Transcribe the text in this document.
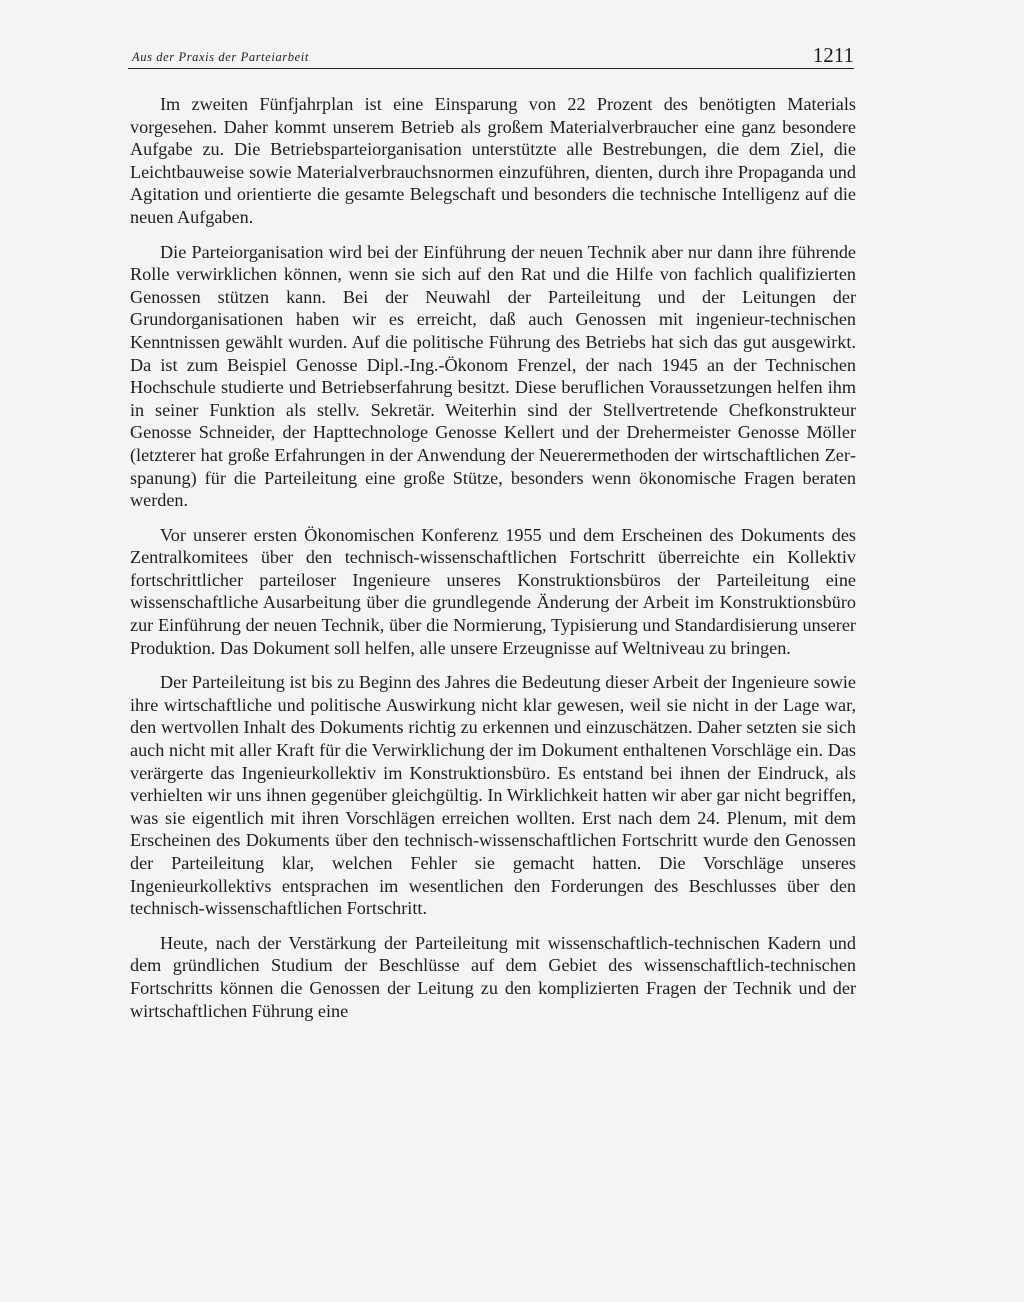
Aus der Praxis der Parteiarbeit	1211

Im zweiten Fünfjahrplan ist eine Einsparung von 22 Prozent des benötigten Materials vorgesehen. Daher kommt unserem Betrieb als großem Materialverbraucher eine ganz besondere Aufgabe zu. Die Betriebsparteiorganisation unterstützte alle Bestrebungen, die dem Ziel, die Leichtbauweise sowie Materialverbrauchsnormen einzuführen, dienten, durch ihre Propaganda und Agitation und orientierte die gesamte Belegschaft und besonders die technische Intelligenz auf die neuen Aufgaben.

Die Parteiorganisation wird bei der Einführung der neuen Technik aber nur dann ihre führende Rolle verwirklichen können, wenn sie sich auf den Rat und die Hilfe von fachlich qualifizierten Genossen stützen kann. Bei der Neuwahl der Parteileitung und der Leitungen der Grundorganisationen haben wir es erreicht, daß auch Genossen mit ingenieur-technischen Kenntnissen gewählt wurden. Auf die politische Führung des Betriebs hat sich das gut ausgewirkt. Da ist zum Beispiel Genosse Dipl.-Ing.-Ökonom Frenzel, der nach 1945 an der Technischen Hochschule studierte und Betriebserfahrung besitzt. Diese beruflichen Voraussetzungen helfen ihm in seiner Funktion als stellv. Sekretär. Weiterhin sind der Stellvertretende Chefkonstrukteur Genosse Schneider, der Hapttechnologe Genosse Kellert und der Drehermeister Genosse Möller (letzterer hat große Erfahrungen in der Anwendung der Neuerermethoden der wirtschaftlichen Zerspanung) für die Parteileitung eine große Stütze, besonders wenn ökonomische Fragen beraten werden.

Vor unserer ersten Ökonomischen Konferenz 1955 und dem Erscheinen des Dokuments des Zentralkomitees über den technisch-wissenschaftlichen Fortschritt überreichte ein Kollektiv fortschrittlicher parteiloser Ingenieure unseres Konstruktionsbüros der Parteileitung eine wissenschaftliche Ausarbeitung über die grundlegende Änderung der Arbeit im Konstruktionsbüro zur Einführung der neuen Technik, über die Normierung, Typisierung und Standardisierung unserer Produktion. Das Dokument soll helfen, alle unsere Erzeugnisse auf Weltniveau zu bringen.

Der Parteileitung ist bis zu Beginn des Jahres die Bedeutung dieser Arbeit der Ingenieure sowie ihre wirtschaftliche und politische Auswirkung nicht klar gewesen, weil sie nicht in der Lage war, den wertvollen Inhalt des Dokuments richtig zu erkennen und einzuschätzen. Daher setzten sie sich auch nicht mit aller Kraft für die Verwirklichung der im Dokument enthaltenen Vorschläge ein. Das verärgerte das Ingenieurkollektiv im Konstruktionsbüro. Es entstand bei ihnen der Eindruck, als verhielten wir uns ihnen gegenüber gleichgültig. In Wirklichkeit hatten wir aber gar nicht begriffen, was sie eigentlich mit ihren Vorschlägen erreichen wollten. Erst nach dem 24. Plenum, mit dem Erscheinen des Dokuments über den technisch-wissenschaftlichen Fortschritt wurde den Genossen der Parteileitung klar, welchen Fehler sie gemacht hatten. Die Vorschläge unseres Ingenieurkollektivs entsprachen im wesentlichen den Forderungen des Beschlusses über den technisch-wissenschaftlichen Fortschritt.

Heute, nach der Verstärkung der Parteileitung mit wissenschaftlich-technischen Kadern und dem gründlichen Studium der Beschlüsse auf dem Gebiet des wissenschaftlich-technischen Fortschritts können die Genossen der Leitung zu den komplizierten Fragen der Technik und der wirtschaftlichen Führung eine
